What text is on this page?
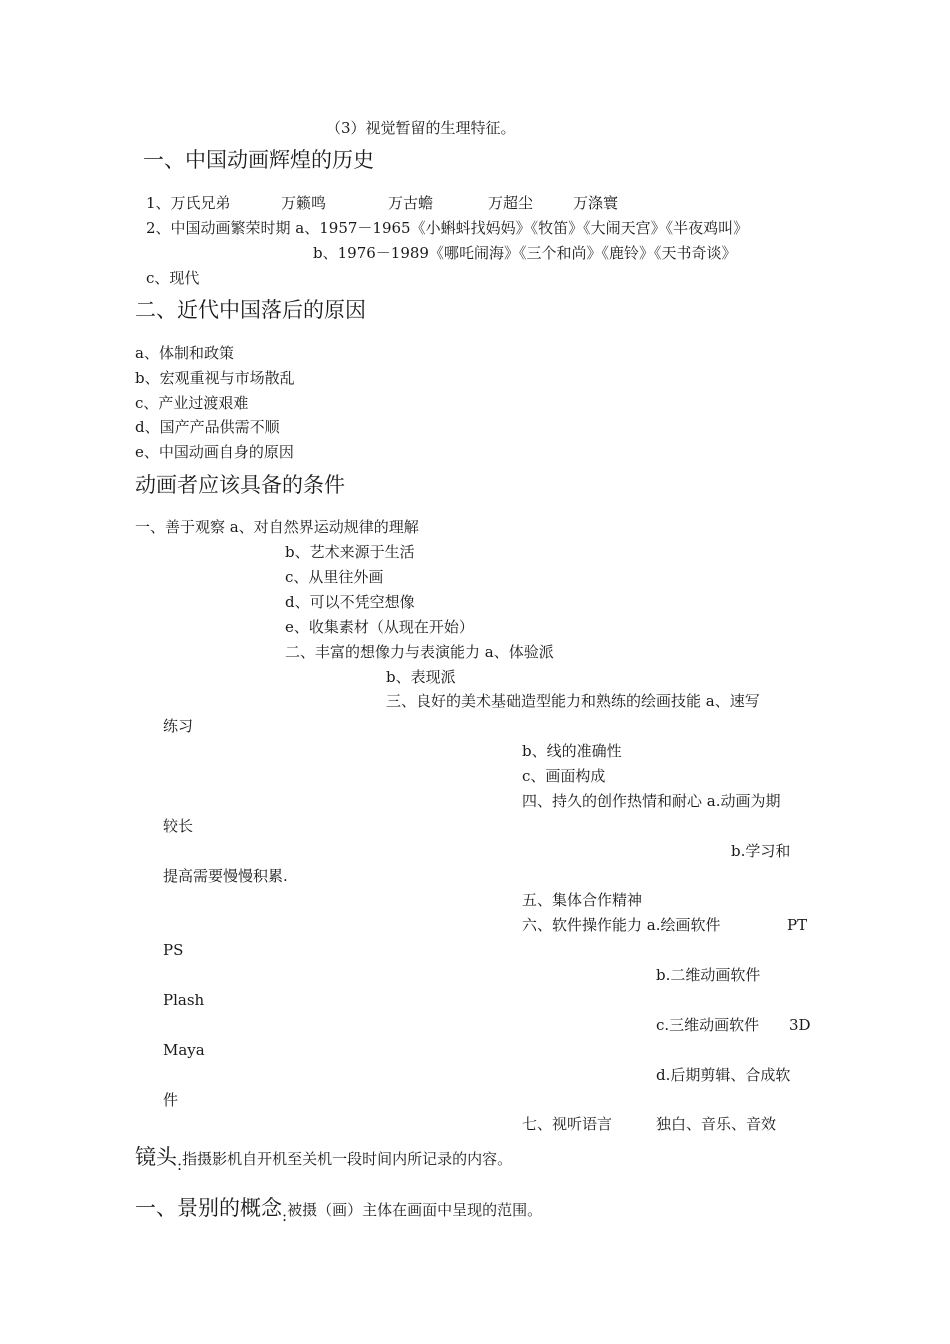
（3）视觉暂留的生理特征。
一、中国动画辉煌的历史
1、万氏兄弟	万籁鸣	万古蟾	万超尘	万涤寰
2、中国动画繁荣时期 a、1957－1965《小蝌蚪找妈妈》《牧笛》《大闹天宫》《半夜鸡叫》
b、1976－1989《哪吒闹海》《三个和尚》《鹿铃》《天书奇谈》
c、现代
二、近代中国落后的原因
a、体制和政策
b、宏观重视与市场散乱
c、产业过渡艰难
d、国产产品供需不顺
e、中国动画自身的原因
动画者应该具备的条件
一、善于观察 a、对自然界运动规律的理解
b、艺术来源于生活
c、从里往外画
d、可以不凭空想像
e、收集素材（从现在开始）
二、丰富的想像力与表演能力 a、体验派
b、表现派
三、良好的美术基础造型能力和熟练的绘画技能 a、速写
练习
b、线的准确性
c、画面构成
四、持久的创作热情和耐心 a.动画为期
较长
b.学习和
提高需要慢慢积累.
五、集体合作精神
六、软件操作能力 a.绘画软件	PT
PS
b.二维动画软件
Plash
c.三维动画软件 3D
Maya
d.后期剪辑、合成软
件
七、视听语言	独白、音乐、音效
镜头$_:$指摄影机自开机至关机一段时间内所记录的内容。
一、景别的概念$_:$被摄（画）主体在画面中呈现的范围。
